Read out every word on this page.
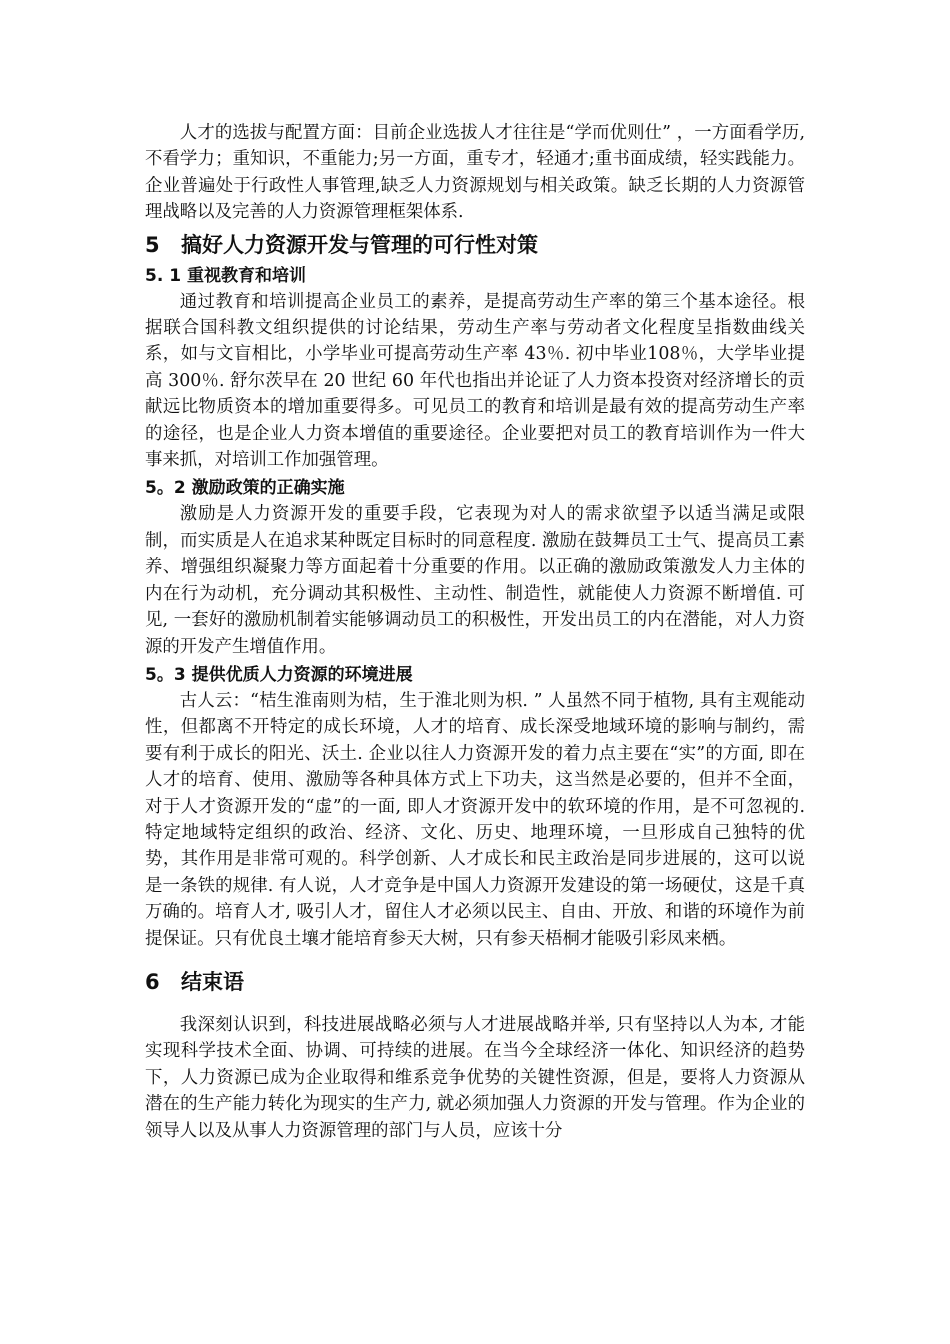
人才的选拔与配置方面：目前企业选拔人才往往是“学而优则仕” ，一方面看学历,不看学力；重知识，不重能力;另一方面，重专才，轻通才;重书面成绩，轻实践能力。企业普遍处于行政性人事管理,缺乏人力资源规划与相关政策。缺乏长期的人力资源管理战略以及完善的人力资源管理框架体系.

5 搞好人力资源开发与管理的可行性对策
5. 1 重视教育和培训

通过教育和培训提高企业员工的素养，是提高劳动生产率的第三个基本途径。根据联合国科教文组织提供的讨论结果，劳动生产率与劳动者文化程度呈指数曲线关系，如与文盲相比，小学毕业可提高劳动生产率 43％. 初中毕业108％，大学毕业提高 300％. 舒尔茨早在 20 世纪 60 年代也指出并论证了人力资本投资对经济增长的贡献远比物质资本的增加重要得多。可见员工的教育和培训是最有效的提高劳动生产率的途径，也是企业人力资本增值的重要途径。企业要把对员工的教育培训作为一件大事来抓，对培训工作加强管理。

5。2 激励政策的正确实施

激励是人力资源开发的重要手段，它表现为对人的需求欲望予以适当满足或限制，而实质是人在追求某种既定目标时的同意程度. 激励在鼓舞员工士气、提高员工素养、增强组织凝聚力等方面起着十分重要的作用。以正确的激励政策激发人力主体的内在行为动机，充分调动其积极性、主动性、制造性，就能使人力资源不断增值. 可见, 一套好的激励机制着实能够调动员工的积极性，开发出员工的内在潜能，对人力资源的开发产生增值作用。

5。3 提供优质人力资源的环境进展

古人云：“桔生淮南则为桔，生于淮北则为枳. ” 人虽然不同于植物, 具有主观能动性，但都离不开特定的成长环境，人才的培育、成长深受地域环境的影响与制约，需要有利于成长的阳光、沃土. 企业以往人力资源开发的着力点主要在“实”的方面, 即在人才的培育、使用、激励等各种具体方式上下功夫，这当然是必要的，但并不全面，对于人才资源开发的“虚”的一面, 即人才资源开发中的软环境的作用，是不可忽视的. 特定地域特定组织的政治、经济、文化、历史、地理环境，一旦形成自己独特的优势，其作用是非常可观的。科学创新、人才成长和民主政治是同步进展的，这可以说是一条铁的规律. 有人说，人才竞争是中国人力资源开发建设的第一场硬仗，这是千真万确的。培育人才, 吸引人才，留住人才必须以民主、自由、开放、和谐的环境作为前提保证。只有优良土壤才能培育参天大树，只有参天梧桐才能吸引彩凤来栖。

6 结束语

我深刻认识到，科技进展战略必须与人才进展战略并举, 只有坚持以人为本, 才能实现科学技术全面、协调、可持续的进展。在当今全球经济一体化、知识经济的趋势下，人力资源已成为企业取得和维系竞争优势的关键性资源，但是，要将人力资源从潜在的生产能力转化为现实的生产力, 就必须加强人力资源的开发与管理。作为企业的领导人以及从事人力资源管理的部门与人员，应该十分
